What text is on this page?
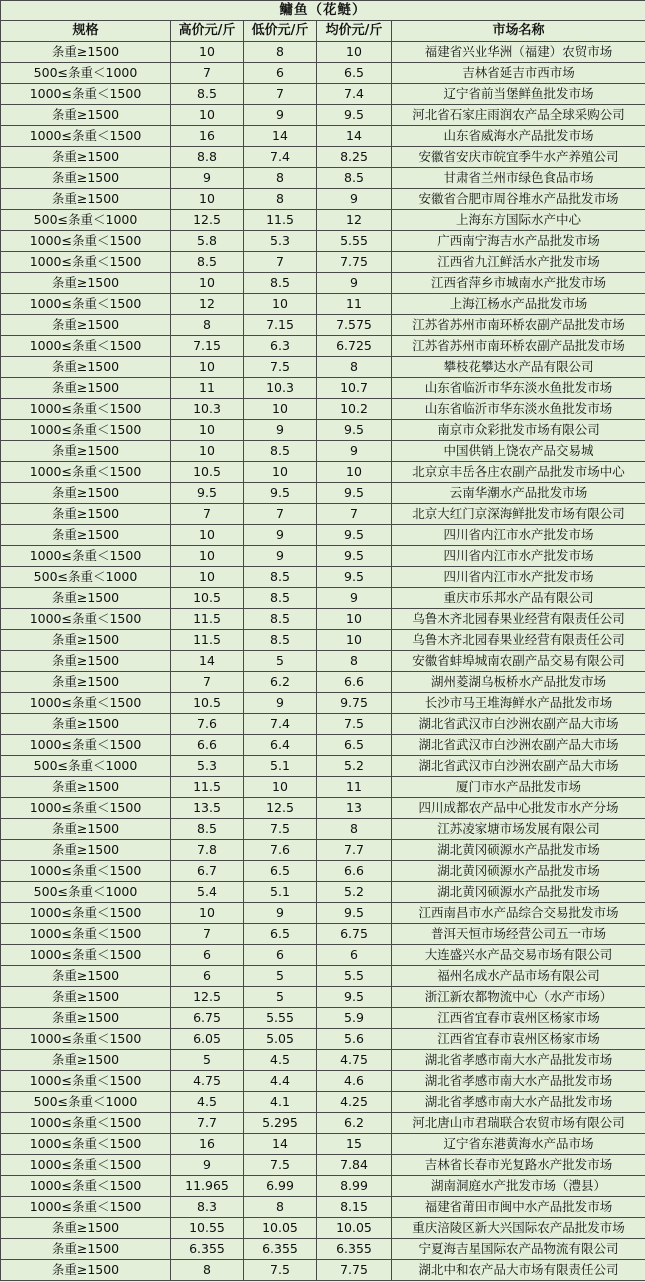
鳙鱼（花鲢）				
规格	高价元/斤	低价元/斤	均价元/斤	市场名称
条重≥1500	10	8	10	福建省兴业华洲（福建）农贸市场
500≤条重＜1000	7	6	6.5	吉林省延吉市西市场
1000≤条重＜1500	8.5	7	7.4	辽宁省前当堡鲜鱼批发市场
条重≥1500	10	9	9.5	河北省石家庄雨润农产品全球采购公司
1000≤条重＜1500	16	14	14	山东省威海水产品批发市场
条重≥1500	8.8	7.4	8.25	安徽省安庆市皖宜季牛水产养殖公司
条重≥1500	9	8	8.5	甘肃省兰州市绿色食品市场
条重≥1500	10	8	9	安徽省合肥市周谷堆水产品批发市场
500≤条重＜1000	12.5	11.5	12	上海东方国际水产中心
1000≤条重＜1500	5.8	5.3	5.55	广西南宁海吉水产品批发市场
1000≤条重＜1500	8.5	7	7.75	江西省九江鲜活水产批发市场
条重≥1500	10	8.5	9	江西省萍乡市城南水产批发市场
1000≤条重＜1500	12	10	11	上海江杨水产品批发市场
条重≥1500	8	7.15	7.575	江苏省苏州市南环桥农副产品批发市场
1000≤条重＜1500	7.15	6.3	6.725	江苏省苏州市南环桥农副产品批发市场
条重≥1500	10	7.5	8	攀枝花攀达水产品有限公司
条重≥1500	11	10.3	10.7	山东省临沂市华东淡水鱼批发市场
1000≤条重＜1500	10.3	10	10.2	山东省临沂市华东淡水鱼批发市场
1000≤条重＜1500	10	9	9.5	南京市众彩批发市场有限公司
条重≥1500	10	8.5	9	中国供销上饶农产品交易城
1000≤条重＜1500	10.5	10	10	北京京丰岳各庄农副产品批发市场中心
条重≥1500	9.5	9.5	9.5	云南华潮水产品批发市场
条重≥1500	7	7	7	北京大红门京深海鲜批发市场有限公司
条重≥1500	10	9	9.5	四川省内江市水产批发市场
1000≤条重＜1500	10	9	9.5	四川省内江市水产批发市场
500≤条重＜1000	10	8.5	9.5	四川省内江市水产批发市场
条重≥1500	10.5	8.5	9	重庆市乐邦水产品有限公司
1000≤条重＜1500	11.5	8.5	10	乌鲁木齐北园春果业经营有限责任公司
条重≥1500	11.5	8.5	10	乌鲁木齐北园春果业经营有限责任公司
条重≥1500	14	5	8	安徽省蚌埠城南农副产品交易有限公司
条重≥1500	7	6.2	6.6	湖州菱湖乌板桥水产品批发市场
1000≤条重＜1500	10.5	9	9.75	长沙市马王堆海鲜水产品批发市场
条重≥1500	7.6	7.4	7.5	湖北省武汉市白沙洲农副产品大市场
1000≤条重＜1500	6.6	6.4	6.5	湖北省武汉市白沙洲农副产品大市场
500≤条重＜1000	5.3	5.1	5.2	湖北省武汉市白沙洲农副产品大市场
条重≥1500	11.5	10	11	厦门市水产品批发市场
1000≤条重＜1500	13.5	12.5	13	四川成都农产品中心批发市水产分场
条重≥1500	8.5	7.5	8	江苏凌家塘市场发展有限公司
条重≥1500	7.8	7.6	7.7	湖北黄冈硕源水产品批发市场
1000≤条重＜1500	6.7	6.5	6.6	湖北黄冈硕源水产品批发市场
500≤条重＜1000	5.4	5.1	5.2	湖北黄冈硕源水产品批发市场
1000≤条重＜1500	10	9	9.5	江西南昌市水产品综合交易批发市场
1000≤条重＜1500	7	6.5	6.75	普洱天恒市场经营公司五一市场
1000≤条重＜1500	6	6	6	大连盛兴水产品交易市场有限公司
条重≥1500	6	5	5.5	福州名成水产品市场有限公司
条重≥1500	12.5	5	9.5	浙江新农都物流中心（水产市场）
条重≥1500	6.75	5.55	5.9	江西省宜春市袁州区杨家市场
1000≤条重＜1500	6.05	5.05	5.6	江西省宜春市袁州区杨家市场
条重≥1500	5	4.5	4.75	湖北省孝感市南大水产品批发市场
1000≤条重＜1500	4.75	4.4	4.6	湖北省孝感市南大水产品批发市场
500≤条重＜1000	4.5	4.1	4.25	湖北省孝感市南大水产品批发市场
1000≤条重＜1500	7.7	5.295	6.2	河北唐山市君瑞联合农贸市场有限公司
1000≤条重＜1500	16	14	15	辽宁省东港黄海水产品市场
1000≤条重＜1500	9	7.5	7.84	吉林省长春市光复路水产批发市场
1000≤条重＜1500	11.965	6.99	8.99	湖南洞庭水产批发市场（澧县）
1000≤条重＜1500	8.3	8	8.15	福建省莆田市闽中水产品批发市场
条重≥1500	10.55	10.05	10.05	重庆涪陵区新大兴国际农产品批发市场
条重≥1500	6.355	6.355	6.355	宁夏海吉星国际农产品物流有限公司
条重≥1500	8	7.5	7.75	湖北中和农产品大市场有限责任公司
